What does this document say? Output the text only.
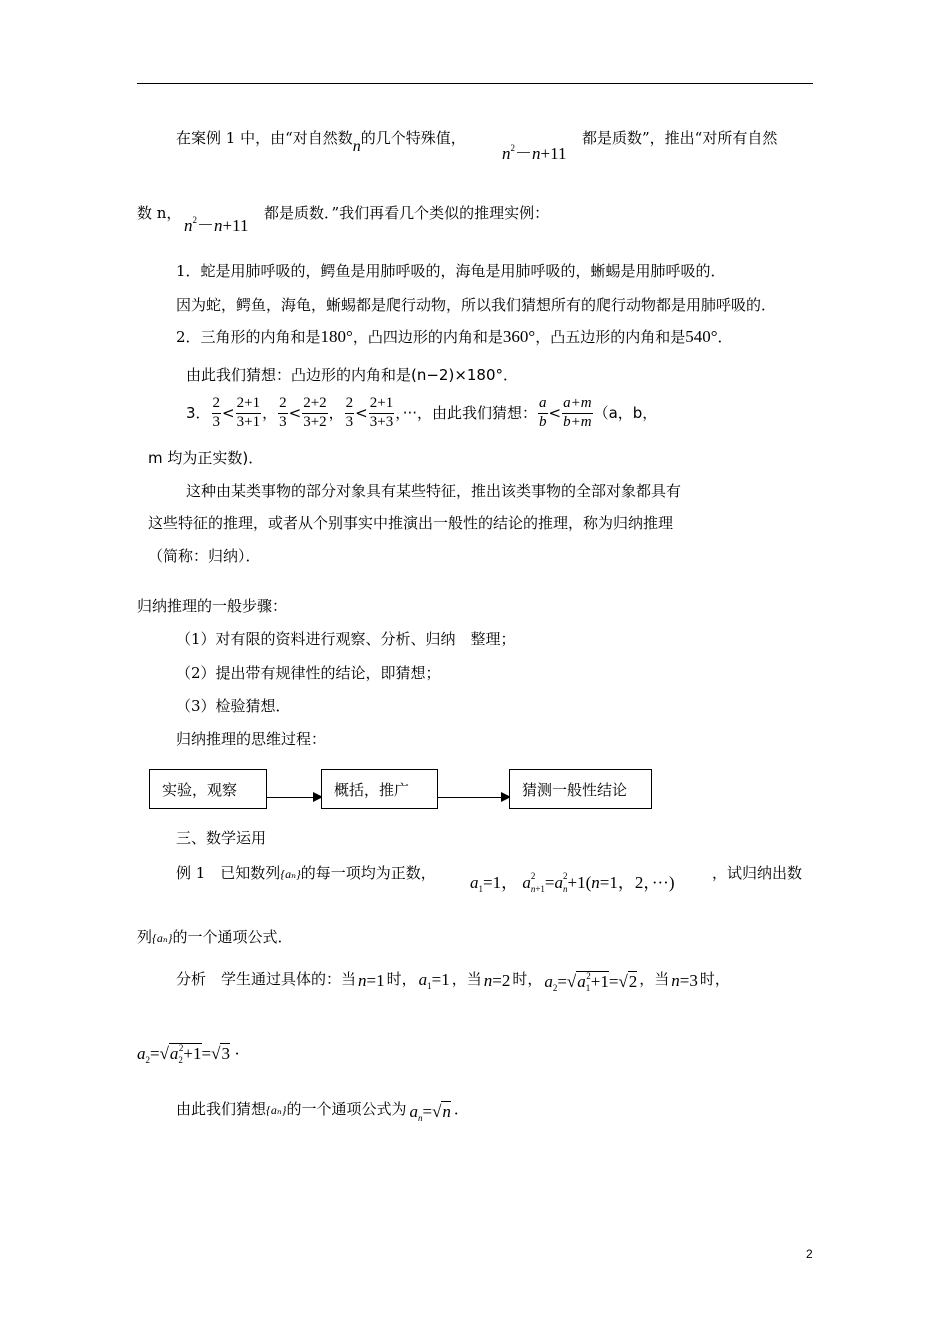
在案例 1 中，由“对自然数n的几个特殊值，
$n^2-n+11$
都是质数”，推出“对所有自然
数 n，
$n^2-n+11$
都是质数．”我们再看几个类似的推理实例：
1．蛇是用肺呼吸的，鳄鱼是用肺呼吸的，海龟是用肺呼吸的，蜥蜴是用肺呼吸的．
因为蛇，鳄鱼，海龟，蜥蜴都是爬行动物，所以我们猜想所有的爬行动物都是用肺呼吸的．
2．三角形的内角和是180°，凸四边形的内角和是360°，凸五边形的内角和是540°．
由此我们猜想：凸边形的内角和是(n−2)×180°．
3． $\frac{2}{3} < \frac{2+1}{3+1}$ ， $\frac{2}{3} < \frac{2+2}{3+2}$ ， $\frac{2}{3} < \frac{2+1}{3+3}$ ，···，由此我们猜想： $\frac{a}{b} < \frac{a+m}{b+m} (a$，b，
m 均为正实数)．
这种由某类事物的部分对象具有某些特征，推出该类事物的全部对象都具有
这些特征的推理，或者从个别事实中推演出一般性的结论的推理，称为归纳推理
（简称：归纳）．
归纳推理的一般步骤：
（1）对有限的资料进行观察、分析、归纳　整理；
（2）提出带有规律性的结论，即猜想；
（3）检验猜想．
归纳推理的思维过程：
实验，观察	概括，推广	猜测一般性结论
三、数学运用
例 1　已知数列{aₙ}的每一项均为正数， $a_1=1$， a $_{2 n+1}$=a $_{2 n}$+1(n=1，2，···)	，试归纳出数
列{aₙ}的一个通项公式．
分析　学生通过具体的：当 n=1 时， $a_1=1$ ，当 n=2 时， $a_2=√a_1^2+1=√2$ ，当 n=3 时，
$a_2=√a_2^2+1=√3$ ·
由此我们猜想 {aₙ} 的一个通项公式为 $a_n=√n$ ．
2
